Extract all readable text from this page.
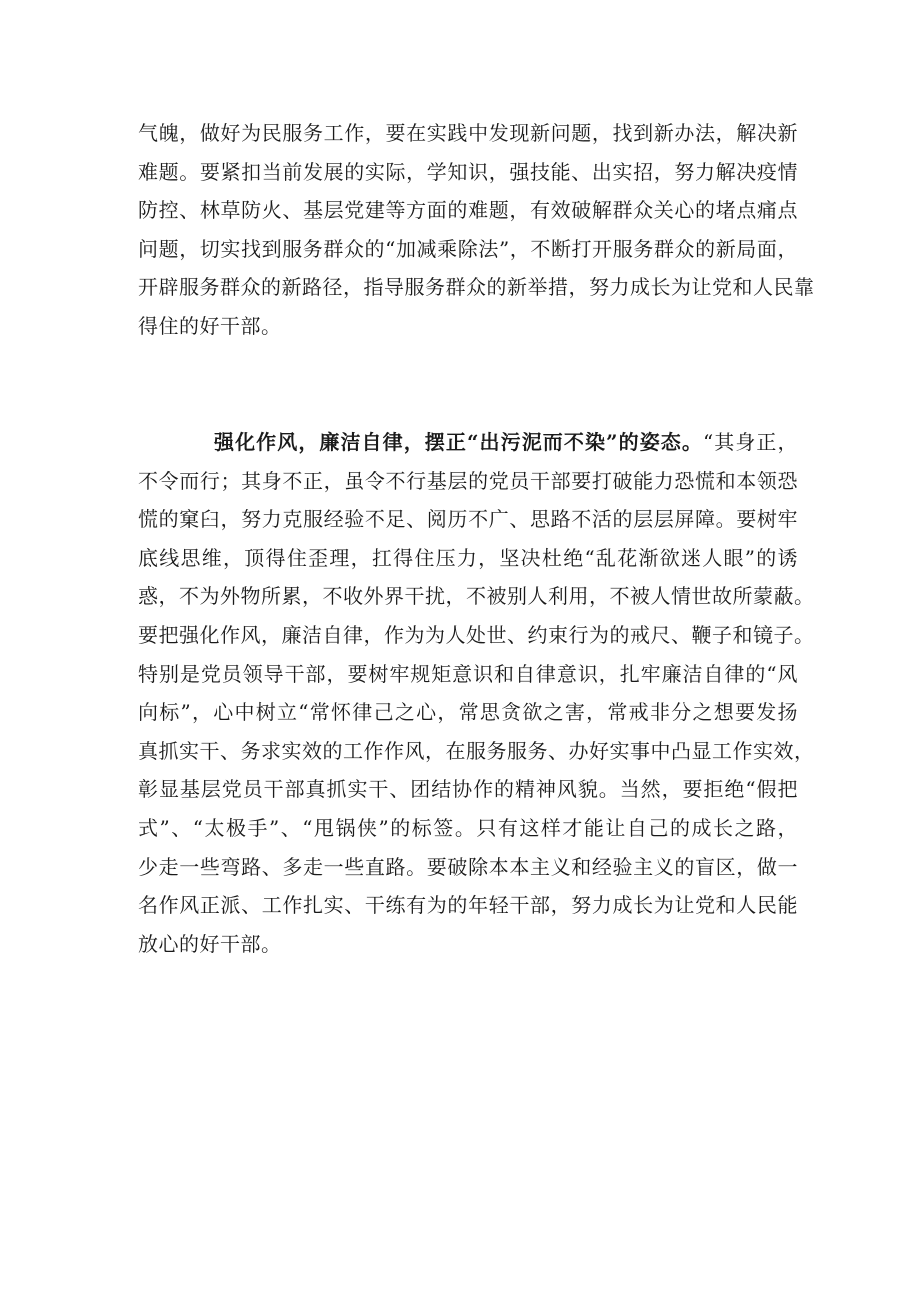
气魄，做好为民服务工作，要在实践中发现新问题，找到新办法，解决新
难题。要紧扣当前发展的实际，学知识，强技能、出实招，努力解决疫情
防控、林草防火、基层党建等方面的难题，有效破解群众关心的堵点痛点
问题，切实找到服务群众的“加减乘除法”，不断打开服务群众的新局面，
开辟服务群众的新路径，指导服务群众的新举措，努力成长为让党和人民靠
得住的好干部。
强化作风，廉洁自律，摆正“出污泥而不染”的姿态。“其身正，
不令而行；其身不正，虽令不行基层的党员干部要打破能力恐慌和本领恐
慌的窠臼，努力克服经验不足、阅历不广、思路不活的层层屏障。要树牢
底线思维，顶得住歪理，扛得住压力，坚决杜绝“乱花渐欲迷人眼”的诱
惑，不为外物所累，不收外界干扰，不被别人利用，不被人情世故所蒙蔽。
要把强化作风，廉洁自律，作为为人处世、约束行为的戒尺、鞭子和镜子。
特别是党员领导干部，要树牢规矩意识和自律意识，扎牢廉洁自律的“风
向标”，心中树立“常怀律己之心，常思贪欲之害，常戒非分之想要发扬
真抓实干、务求实效的工作作风，在服务服务、办好实事中凸显工作实效，
彰显基层党员干部真抓实干、团结协作的精神风貌。当然，要拒绝“假把
式”、“太极手”、“甩锅侠”的标签。只有这样才能让自己的成长之路，
少走一些弯路、多走一些直路。要破除本本主义和经验主义的盲区，做一
名作风正派、工作扎实、干练有为的年轻干部，努力成长为让党和人民能
放心的好干部。
